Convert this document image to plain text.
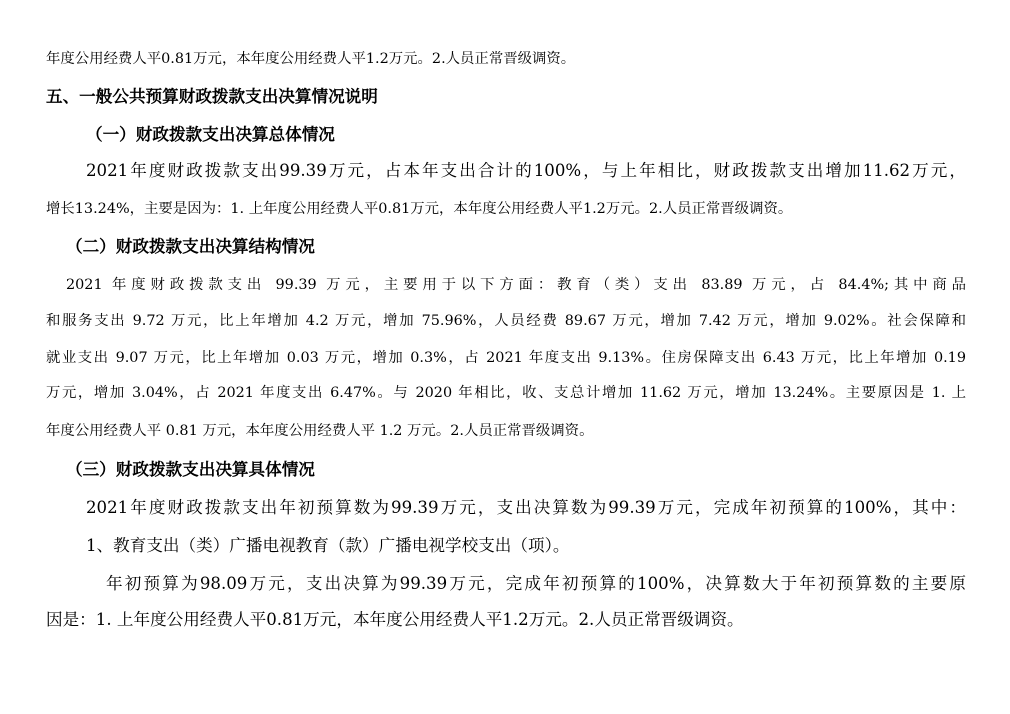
年度公用经费人平0.81万元，本年度公用经费人平1.2万元。2.人员正常晋级调资。
五、一般公共预算财政拨款支出决算情况说明
（一）财政拨款支出决算总体情况
2021年度财政拨款支出99.39万元，占本年支出合计的100%，与上年相比，财政拨款支出增加11.62万元，
增长13.24%，主要是因为：1. 上年度公用经费人平0.81万元，本年度公用经费人平1.2万元。2.人员正常晋级调资。
（二）财政拨款支出决算结构情况
2021 年度财政拨款支出 99.39 万元，主要用于以下方面：教育（类）支出 83.89 万元，占 84.4%;其中商品
和服务支出 9.72 万元，比上年增加 4.2 万元，增加 75.96%，人员经费 89.67 万元，增加 7.42 万元，增加 9.02%。社会保障和
就业支出 9.07 万元，比上年增加 0.03 万元，增加 0.3%，占 2021 年度支出 9.13%。住房保障支出 6.43 万元，比上年增加 0.19
万元，增加 3.04%，占 2021 年度支出 6.47%。与 2020 年相比，收、支总计增加 11.62 万元，增加 13.24%。主要原因是 1. 上
年度公用经费人平 0.81 万元，本年度公用经费人平 1.2 万元。2.人员正常晋级调资。
（三）财政拨款支出决算具体情况
2021年度财政拨款支出年初预算数为99.39万元，支出决算数为99.39万元，完成年初预算的100%，其中：
1、教育支出（类）广播电视教育（款）广播电视学校支出（项）。
年初预算为98.09万元，支出决算为99.39万元，完成年初预算的100%，决算数大于年初预算数的主要原
因是：1. 上年度公用经费人平0.81万元，本年度公用经费人平1.2万元。2.人员正常晋级调资。
